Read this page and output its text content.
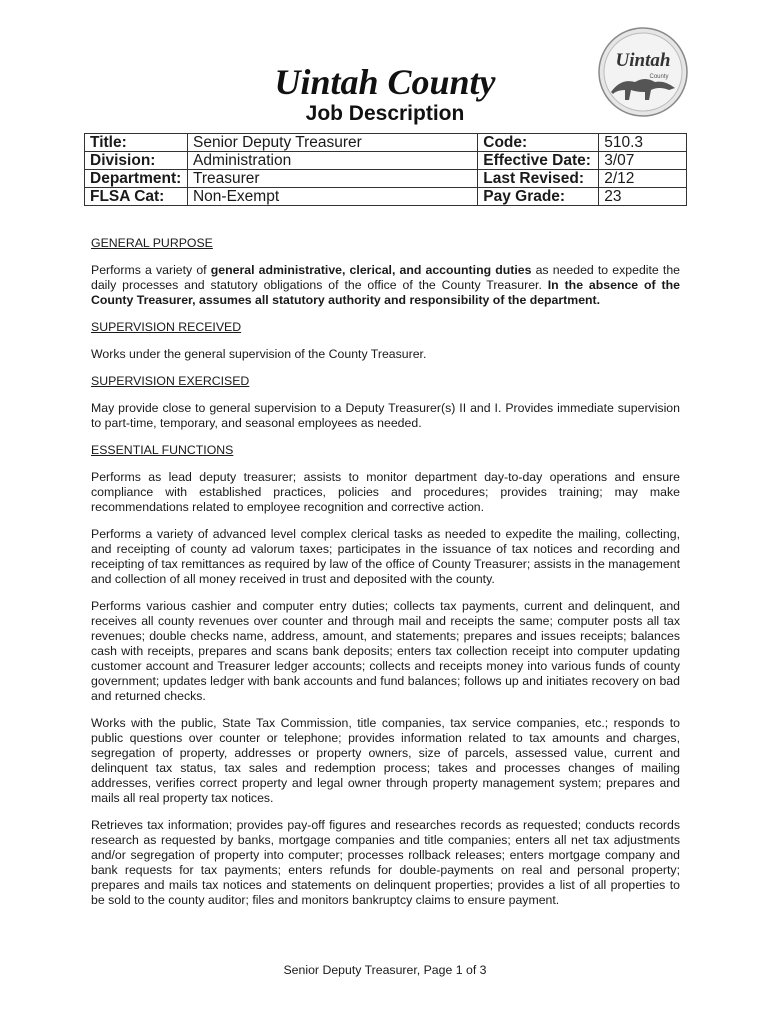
Uintah County
Job Description
Uintah
County
Title:	Senior Deputy Treasurer	Code:	510.3
Division:	Administration	Effective Date:	3/07
Department:	Treasurer	Last Revised:	2/12
FLSA Cat:	Non-Exempt	Pay Grade:	23

GENERAL PURPOSE

Performs a variety of general administrative, clerical, and accounting duties as needed to expedite the daily processes and statutory obligations of the office of the County Treasurer. In the absence of the County Treasurer, assumes all statutory authority and responsibility of the department.

SUPERVISION RECEIVED

Works under the general supervision of the County Treasurer.

SUPERVISION EXERCISED

May provide close to general supervision to a Deputy Treasurer(s) II and I. Provides immediate supervision to part-time, temporary, and seasonal employees as needed.

ESSENTIAL FUNCTIONS

Performs as lead deputy treasurer; assists to monitor department day-to-day operations and ensure compliance with established practices, policies and procedures; provides training; may make recommendations related to employee recognition and corrective action.

Performs a variety of advanced level complex clerical tasks as needed to expedite the mailing, collecting, and receipting of county ad valorum taxes; participates in the issuance of tax notices and recording and receipting of tax remittances as required by law of the office of County Treasurer; assists in the management and collection of all money received in trust and deposited with the county.

Performs various cashier and computer entry duties; collects tax payments, current and delinquent, and receives all county revenues over counter and through mail and receipts the same; computer posts all tax revenues; double checks name, address, amount, and statements; prepares and issues receipts; balances cash with receipts, prepares and scans bank deposits; enters tax collection receipt into computer updating customer account and Treasurer ledger accounts; collects and receipts money into various funds of county government; updates ledger with bank accounts and fund balances; follows up and initiates recovery on bad and returned checks.

Works with the public, State Tax Commission, title companies, tax service companies, etc.; responds to public questions over counter or telephone; provides information related to tax amounts and charges, segregation of property, addresses or property owners, size of parcels, assessed value, current and delinquent tax status, tax sales and redemption process; takes and processes changes of mailing addresses, verifies correct property and legal owner through property management system; prepares and mails all real property tax notices.

Retrieves tax information; provides pay-off figures and researches records as requested; conducts records research as requested by banks, mortgage companies and title companies; enters all net tax adjustments and/or segregation of property into computer; processes rollback releases; enters mortgage company and bank requests for tax payments; enters refunds for double-payments on real and personal property; prepares and mails tax notices and statements on delinquent properties; provides a list of all properties to be sold to the county auditor; files and monitors bankruptcy claims to ensure payment.

Senior Deputy Treasurer, Page 1 of 3
